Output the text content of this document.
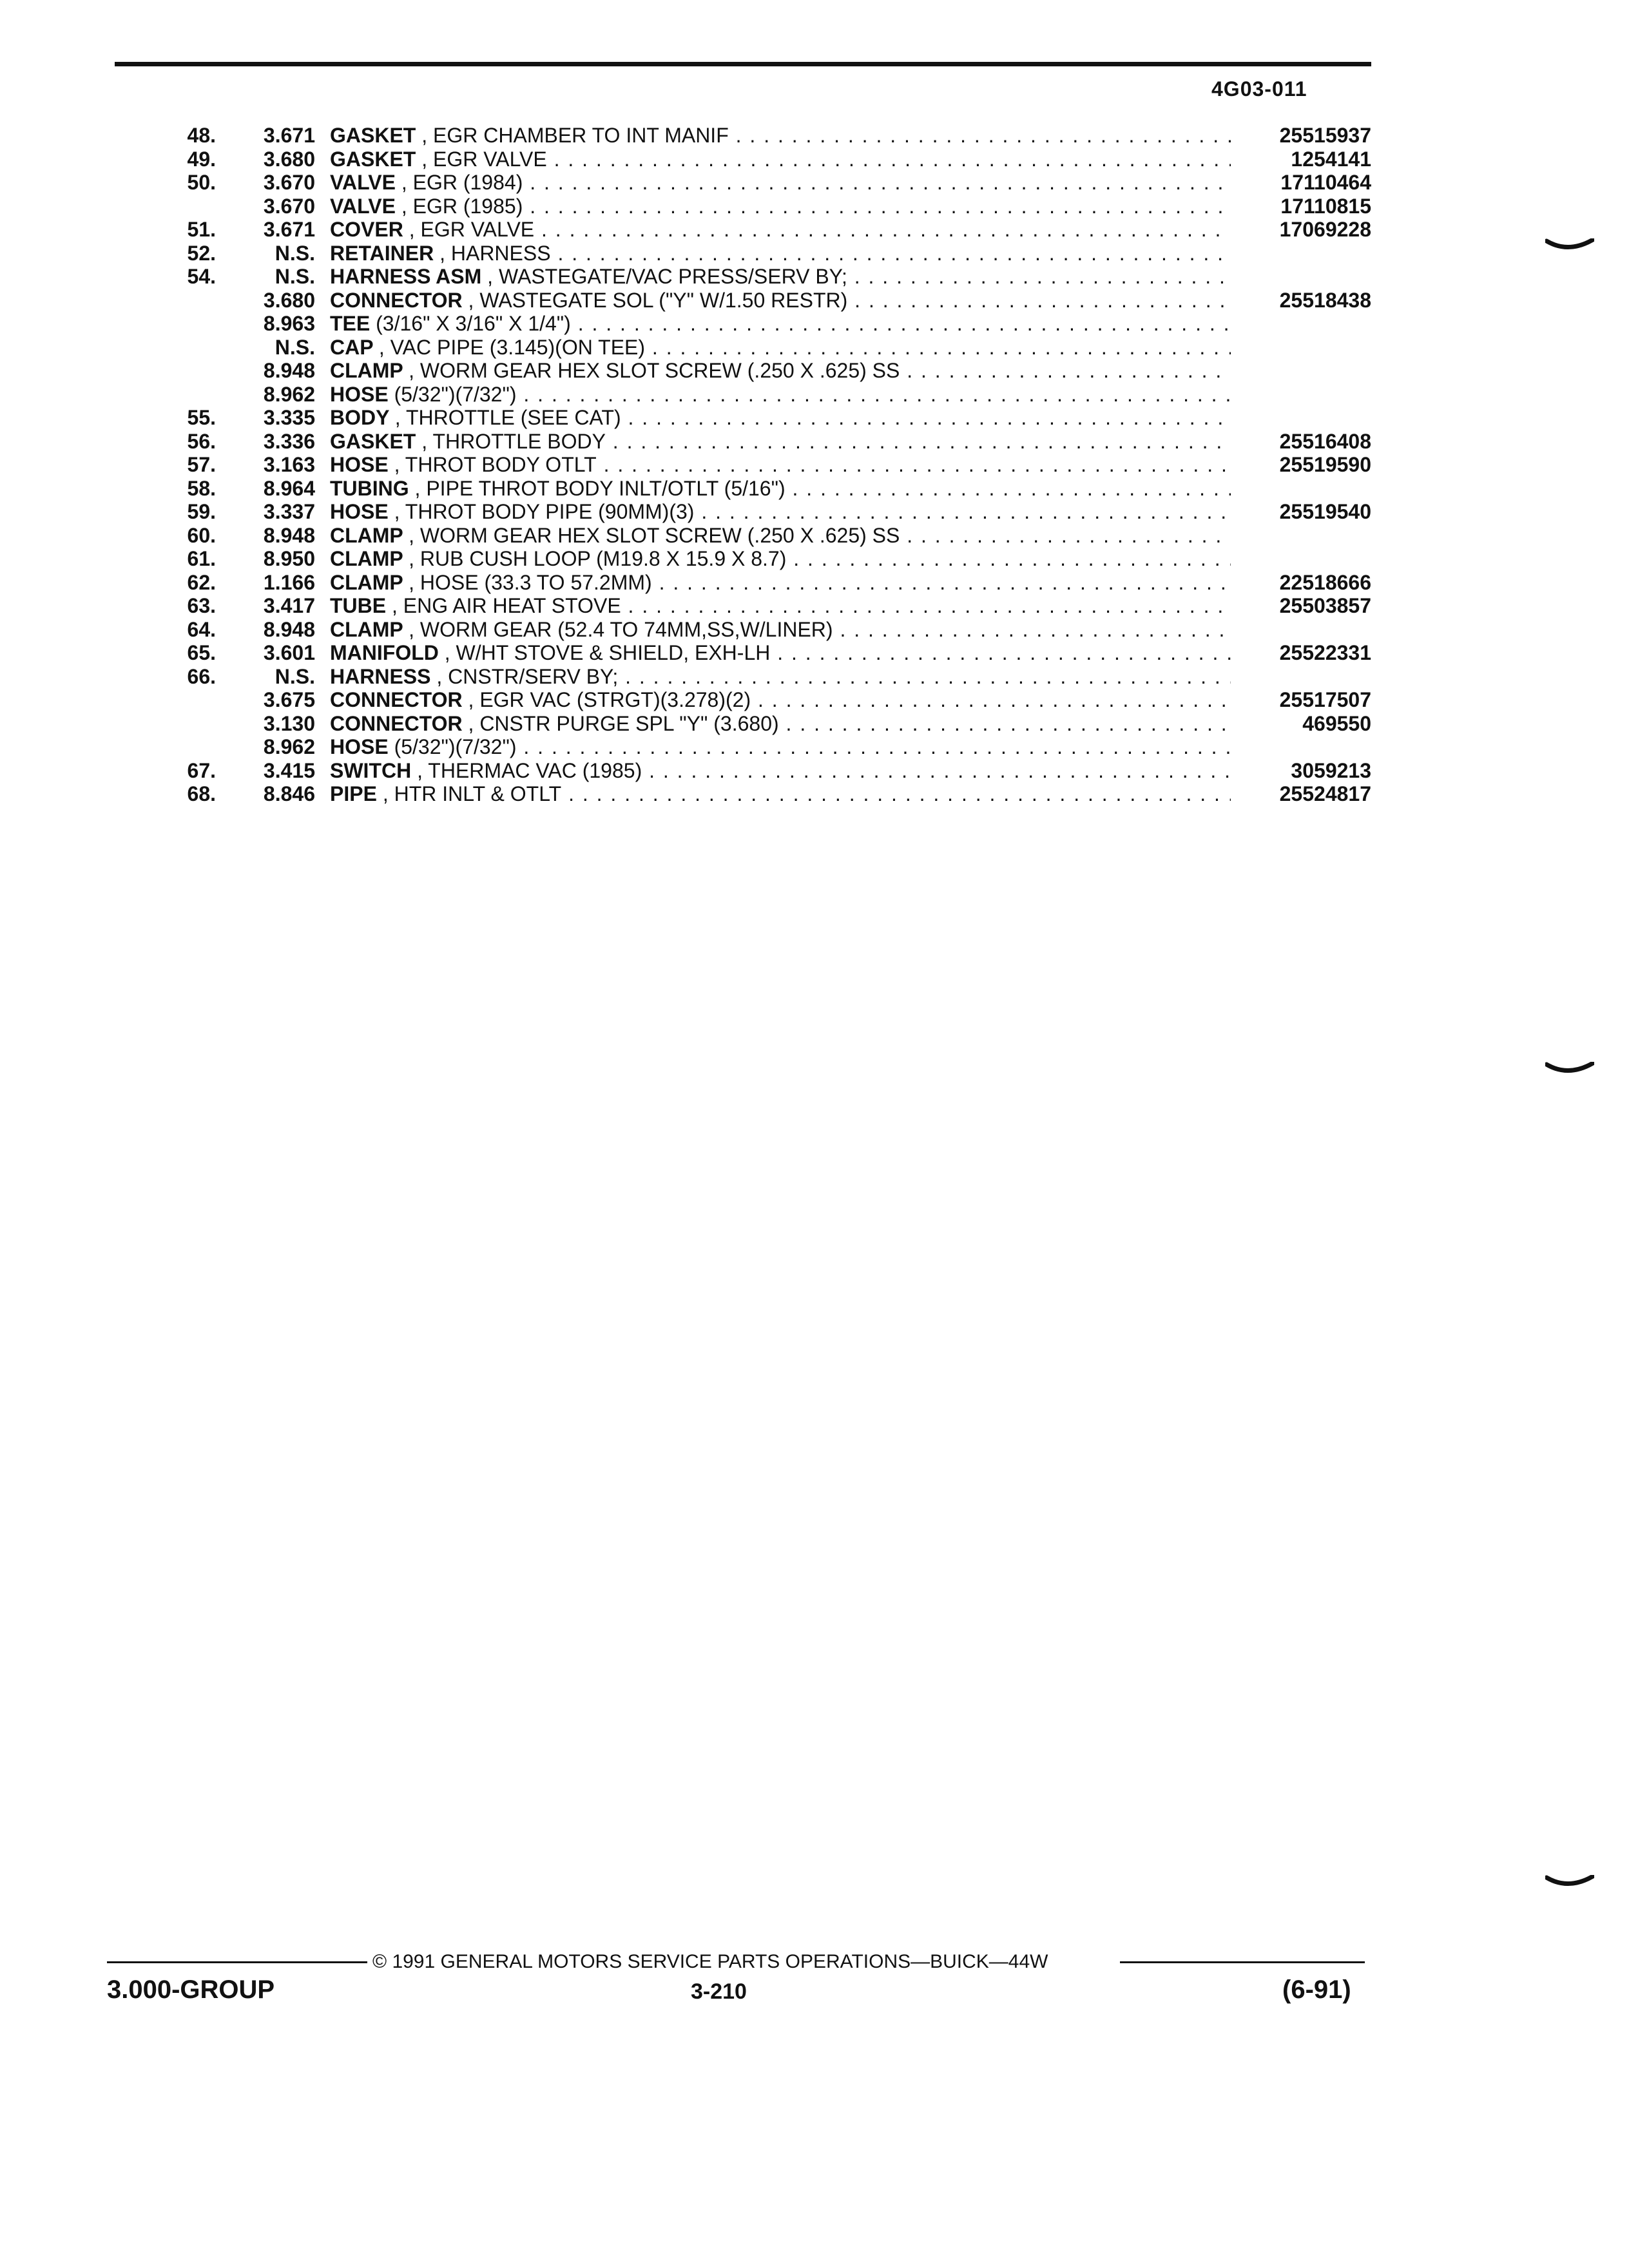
4G03-011
48.	3.671 GASKET , EGR CHAMBER TO INT MANIF . . .	25515937
49.	3.680 GASKET , EGR VALVE . . .	1254141
50.	3.670 VALVE , EGR (1984) . . .	17110464
3.670 VALVE , EGR (1985) . . .	17110815
51.	3.671 COVER , EGR VALVE . . .	17069228
52.	N.S. RETAINER , HARNESS . . .
54.	N.S. HARNESS ASM , WASTEGATE/VAC PRESS/SERV BY; . . .
3.680 CONNECTOR , WASTEGATE SOL ("Y" W/1.50 RESTR) . . .	25518438
8.963 TEE (3/16" X 3/16" X 1/4") . . .
N.S. CAP , VAC PIPE (3.145)(ON TEE) . . .
8.948 CLAMP , WORM GEAR HEX SLOT SCREW (.250 X .625) SS . . .
8.962 HOSE (5/32")(7/32") . . .
55.	3.335 BODY , THROTTLE (SEE CAT) . . .
56.	3.336 GASKET , THROTTLE BODY . . .	25516408
57.	3.163 HOSE , THROT BODY OTLT . . .	25519590
58.	8.964 TUBING , PIPE THROT BODY INLT/OTLT (5/16") . . .
59.	3.337 HOSE , THROT BODY PIPE (90MM)(3) . . .	25519540
60.	8.948 CLAMP , WORM GEAR HEX SLOT SCREW (.250 X .625) SS . . .
61.	8.950 CLAMP , RUB CUSH LOOP (M19.8 X 15.9 X 8.7) . . .
62.	1.166 CLAMP , HOSE (33.3 TO 57.2MM) . . .	22518666
63.	3.417 TUBE , ENG AIR HEAT STOVE . . .	25503857
64.	8.948 CLAMP , WORM GEAR (52.4 TO 74MM,SS,W/LINER) . . .
65.	3.601 MANIFOLD , W/HT STOVE & SHIELD, EXH-LH . . .	25522331
66.	N.S. HARNESS , CNSTR/SERV BY; . . .
3.675 CONNECTOR , EGR VAC (STRGT)(3.278)(2) . . .	25517507
3.130 CONNECTOR , CNSTR PURGE SPL "Y" (3.680) . . .	469550
8.962 HOSE (5/32")(7/32") . . .
67.	3.415 SWITCH , THERMAC VAC (1985) . . .	3059213
68.	8.846 PIPE , HTR INLT & OTLT . . .	25524817
© 1991 GENERAL MOTORS SERVICE PARTS OPERATIONS—BUICK—44W
3.000-GROUP	3-210	(6-91)
